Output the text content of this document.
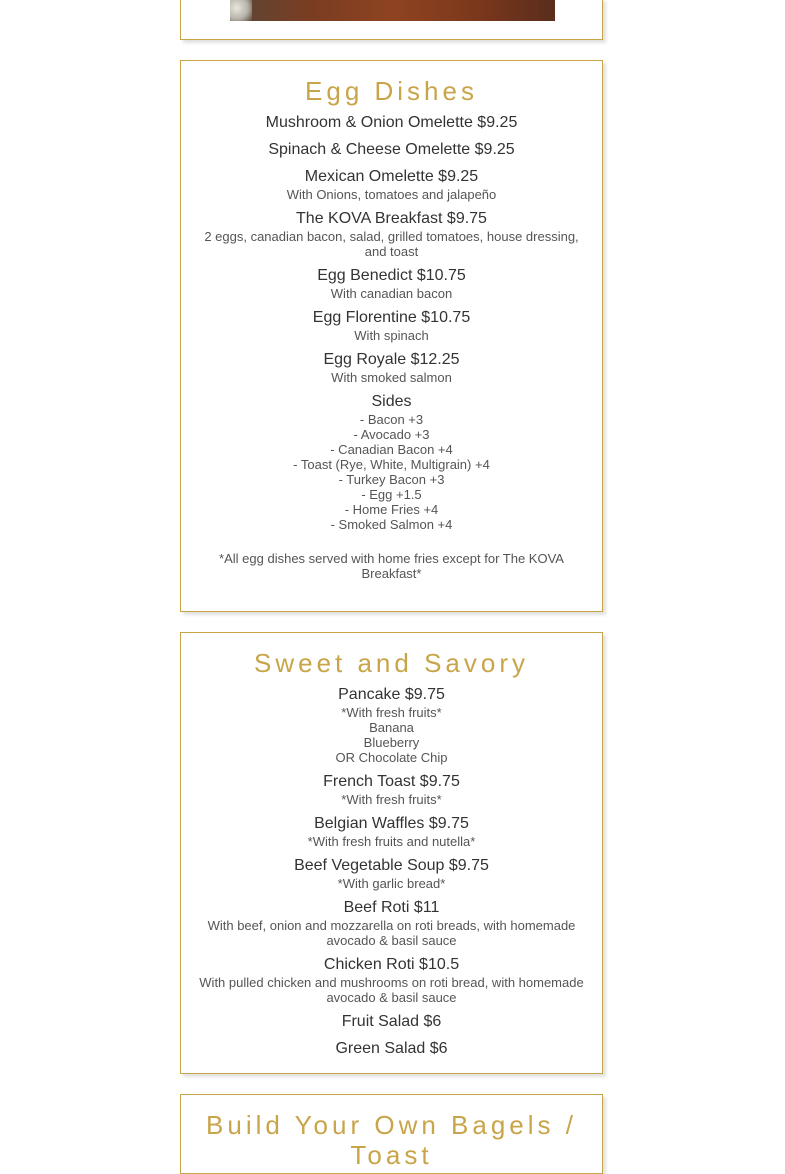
Egg Dishes
Mushroom & Onion Omelette $9.25
Spinach & Cheese Omelette $9.25
Mexican Omelette $9.25
With Onions, tomatoes and jalapeño
The KOVA Breakfast $9.75
2 eggs, canadian bacon, salad, grilled tomatoes, house dressing, and toast
Egg Benedict $10.75
With canadian bacon
Egg Florentine $10.75
With spinach
Egg Royale $12.25
With smoked salmon
Sides
- Bacon +3
- Avocado +3
- Canadian Bacon +4
- Toast (Rye, White, Multigrain) +4
- Turkey Bacon +3
- Egg +1.5
- Home Fries +4
- Smoked Salmon +4
*All egg dishes served with home fries except for The KOVA Breakfast*
Sweet and Savory
Pancake $9.75
*With fresh fruits*
Banana
Blueberry
OR Chocolate Chip
French Toast $9.75
*With fresh fruits*
Belgian Waffles $9.75
*With fresh fruits and nutella*
Beef Vegetable Soup $9.75
*With garlic bread*
Beef Roti $11
With beef, onion and mozzarella on roti breads, with homemade avocado & basil sauce
Chicken Roti $10.5
With pulled chicken and mushrooms on roti bread, with homemade avocado & basil sauce
Fruit Salad $6
Green Salad $6
Build Your Own Bagels / Toast
